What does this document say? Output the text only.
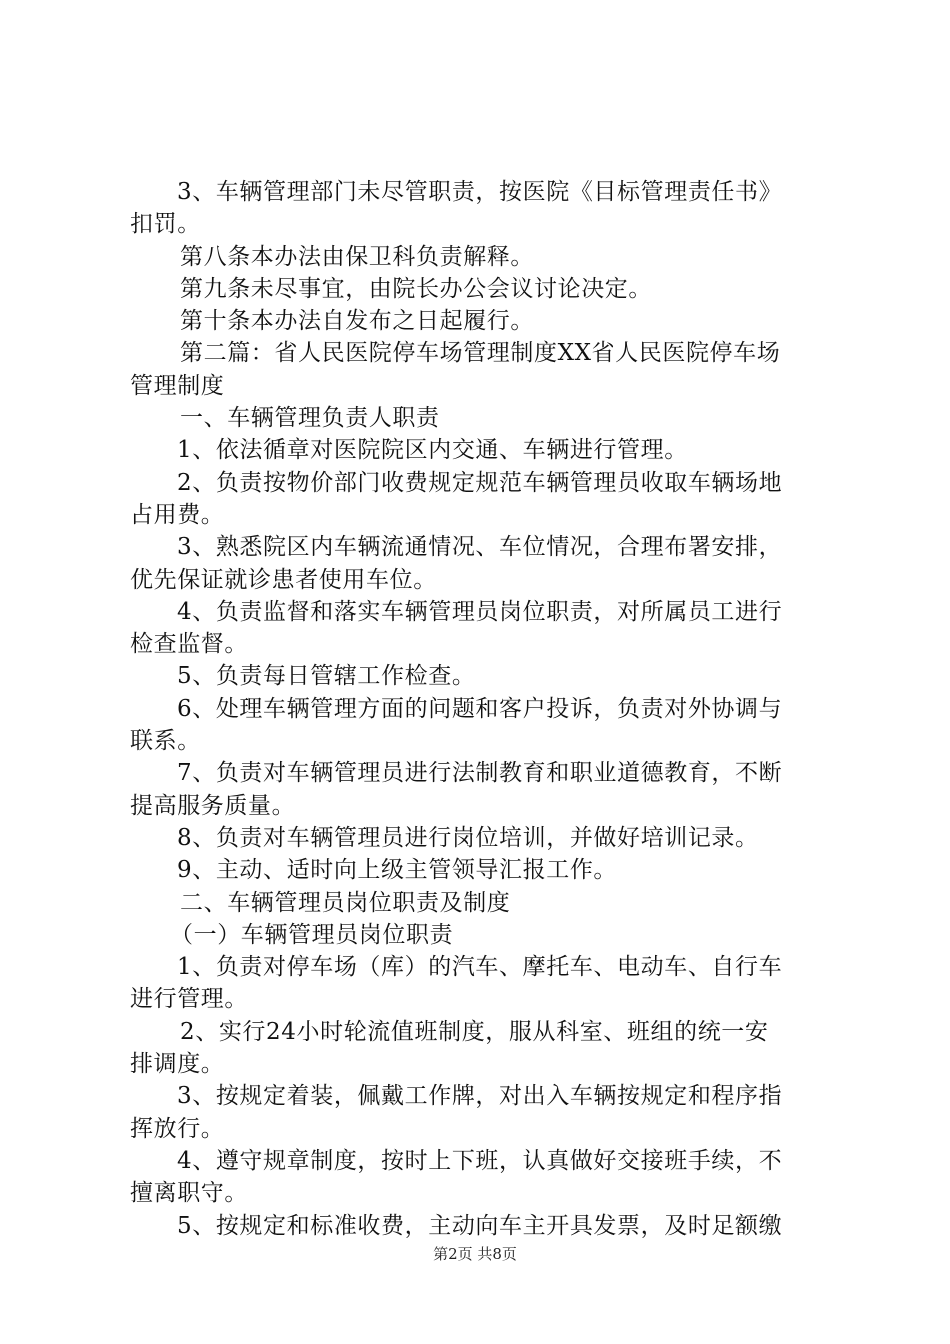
3、车辆管理部门未尽管职责，按医院《目标管理责任书》
扣罚。
第八条本办法由保卫科负责解释。
第九条未尽事宜，由院长办公会议讨论决定。
第十条本办法自发布之日起履行。
第二篇：省人民医院停车场管理制度XX省人民医院停车场
管理制度
一、车辆管理负责人职责
1、依法循章对医院院区内交通、车辆进行管理。
2、负责按物价部门收费规定规范车辆管理员收取车辆场地
占用费。
3、熟悉院区内车辆流通情况、车位情况，合理布署安排，
优先保证就诊患者使用车位。
4、负责监督和落实车辆管理员岗位职责，对所属员工进行
检查监督。
5、负责每日管辖工作检查。
6、处理车辆管理方面的问题和客户投诉，负责对外协调与
联系。
7、负责对车辆管理员进行法制教育和职业道德教育，不断
提高服务质量。
8、负责对车辆管理员进行岗位培训，并做好培训记录。
9、主动、适时向上级主管领导汇报工作。
二、车辆管理员岗位职责及制度
（一）车辆管理员岗位职责
1、负责对停车场（库）的汽车、摩托车、电动车、自行车
进行管理。
2、实行24小时轮流值班制度，服从科室、班组的统一安
排调度。
3、按规定着装，佩戴工作牌，对出入车辆按规定和程序指
挥放行。
4、遵守规章制度，按时上下班，认真做好交接班手续，不
擅离职守。
5、按规定和标准收费，主动向车主开具发票，及时足额缴
第2页 共8页
